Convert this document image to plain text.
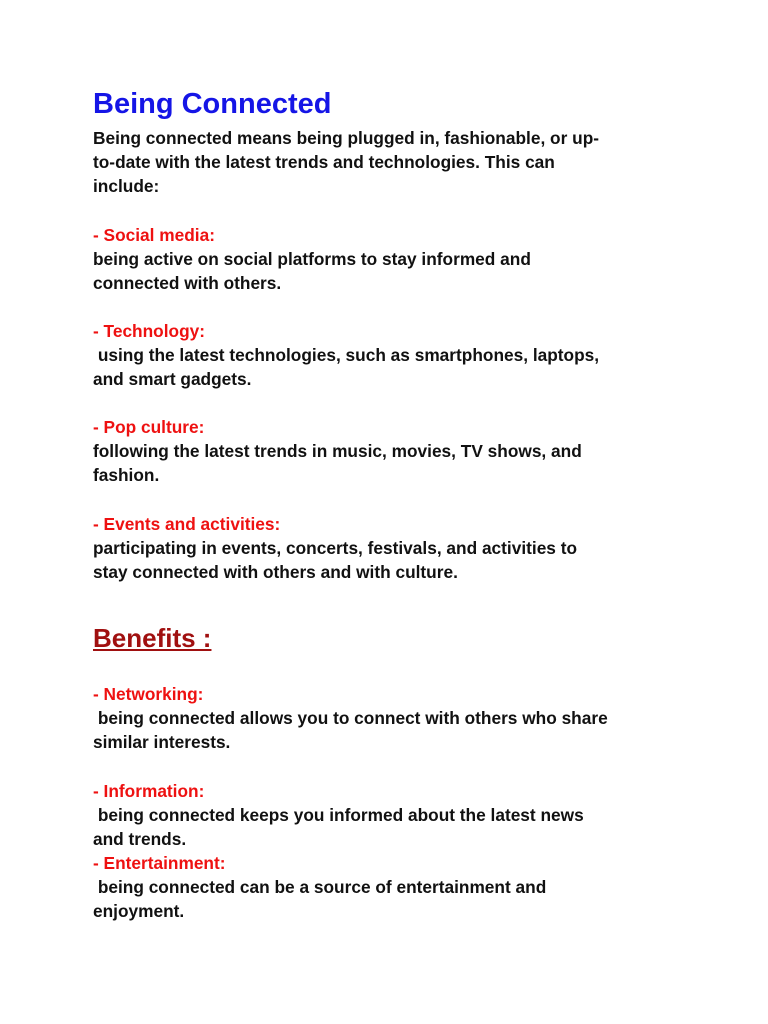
Being Connected

Being connected means being plugged in, fashionable, or up-
to-date with the latest trends and technologies. This can
include:

- Social media:

being active on social platforms to stay informed and
connected with others.

- Technology:

using the latest technologies, such as smartphones, laptops,
and smart gadgets.

- Pop culture:

following the latest trends in music, movies, TV shows, and
fashion.

- Events and activities:

participating in events, concerts, festivals, and activities to
stay connected with others and with culture.

Benefits :
- Networking:

being connected allows you to connect with others who share
similar interests.

- Information:

being connected keeps you informed about the latest news
and trends.

- Entertainment:

being connected can be a source of entertainment and
enjoyment.
